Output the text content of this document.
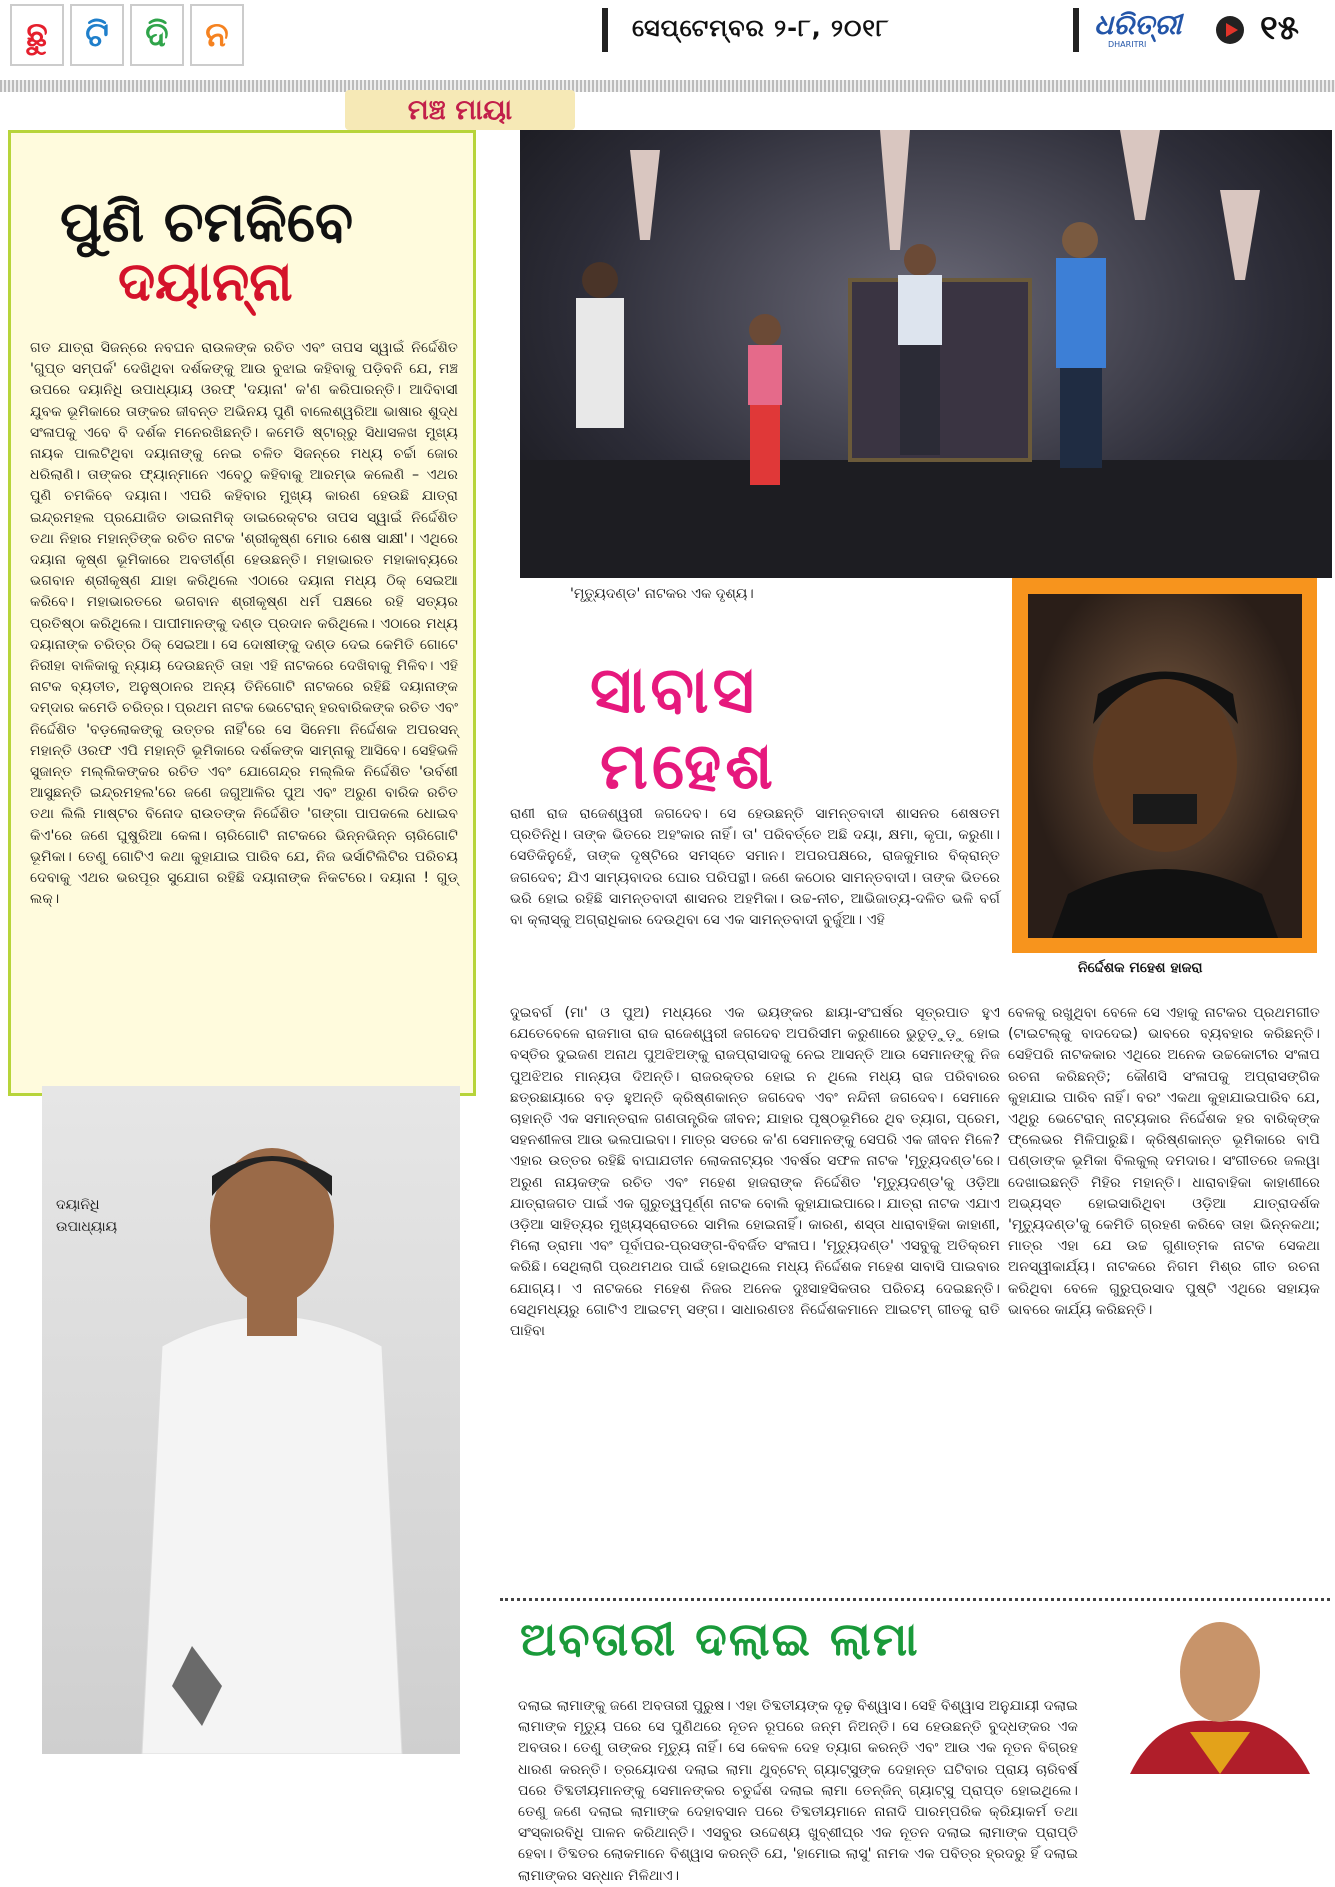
ଛୁ	ଟି	ଦି	ନ	ସେପ୍ଟେମ୍ବର ୨-୮, ୨୦୧୮	ଧରିତ୍ରୀ
DHARITRI	୧୫
ମଞ୍ଚ ମାୟା
ପୁଣି ଚମକିବେ
ଦୟାନ୍ନା

ଗତ ଯାତ୍ରା ସିଜନ୍‌ରେ ନବଘନ ରାଉଳଙ୍କ ରଚିତ ଏବଂ ତାପସ ସ୍ୱାଇଁ ନିର୍ଦ୍ଦେଶିତ 'ଗୁପ୍ତ ସମ୍ପର୍କ' ଦେଖିଥିବା ଦର୍ଶକଙ୍କୁ ଆଉ ବୁଝାଇ କହିବାକୁ ପଡ଼ିବନି ଯେ, ମଞ୍ଚ ଉପରେ ଦୟାନିଧି ଉପାଧ୍ୟାୟ ଓରଫ୍ 'ଦୟାନା' କ'ଣ କରିପାରନ୍ତି। ଆଦିବାସୀ ଯୁବକ ଭୂମିକାରେ ତାଙ୍କର ଜୀବନ୍ତ ଅଭିନୟ ପୁଣି ବାଲେଶ୍ୱରିଆ ଭାଷାର ଶୁଦ୍ଧ ସଂଳାପକୁ ଏବେ ବି ଦର୍ଶକ ମନେରଖିଛନ୍ତି। କମେଡି ଷ୍ଟାର୍‌ରୁ ସିଧାସଳଖ ମୁଖ୍ୟ ନାୟକ ପାଲଟିଥିବା ଦୟାନାଙ୍କୁ ନେଇ ଚଳିତ ସିଜନ୍‌ରେ ମଧ୍ୟ ଚର୍ଚ୍ଚା ଜୋର ଧରିଲାଣି। ତାଙ୍କର ଫ୍ୟାନ୍‌ମାନେ ଏବେଠୁ କହିବାକୁ ଆରମ୍ଭ କଲେଣି – ଏଥର ପୁଣି ଚମକିବେ ଦୟାନା। ଏପରି କହିବାର ମୁଖ୍ୟ କାରଣ ହେଉଛି ଯାତ୍ରା ଇନ୍ଦ୍ରମହଲ ପ୍ରଯୋଜିତ ଡାଇନାମିକ୍ ଡାଇରେକ୍ଟର ତାପସ ସ୍ୱାଇଁ ନିର୍ଦ୍ଦେଶିତ ତଥା ନିହାର ମହାନ୍ତିଙ୍କ ରଚିତ ନାଟକ 'ଶ୍ରୀକୃଷ୍ଣ ମୋର ଶେଷ ସାକ୍ଷୀ'। ଏଥିରେ ଦୟାନା କୃଷ୍ଣ ଭୂମିକାରେ ଅବତୀର୍ଣ୍ଣ ହେଉଛନ୍ତି। ମହାଭାରତ ମହାକାବ୍ୟରେ ଭଗବାନ ଶ୍ରୀକୃଷ୍ଣ ଯାହା କରିଥିଲେ ଏଠାରେ ଦୟାନା ମଧ୍ୟ ଠିକ୍ ସେଇଆ କରିବେ। ମହାଭାରତରେ ଭଗବାନ ଶ୍ରୀକୃଷ୍ଣ ଧର୍ମ ପକ୍ଷରେ ରହି ସତ୍ୟର ପ୍ରତିଷ୍ଠା କରିଥିଲେ। ପାପୀମାନଙ୍କୁ ଦଣ୍ଡ ପ୍ରଦାନ କରିଥିଲେ। ଏଠାରେ ମଧ୍ୟ ଦୟାନାଙ୍କ ଚରିତ୍ର ଠିକ୍ ସେଇଆ। ସେ ଦୋଷୀଙ୍କୁ ଦଣ୍ଡ ଦେଇ କେମିତି ଗୋଟେ ନିରୀହା ବାଳିକାକୁ ନ୍ୟାୟ ଦେଉଛନ୍ତି ତାହା ଏହି ନାଟକରେ ଦେଖିବାକୁ ମିଳିବ। ଏହି ନାଟକ ବ୍ୟତୀତ, ଅନୁଷ୍ଠାନର ଅନ୍ୟ ତିନିଗୋଟି ନାଟକରେ ରହିଛି ଦୟାନାଙ୍କ ଦମ୍‌ଦାର କମେଡି ଚରିତ୍ର। ପ୍ରଥମ ନାଟକ ଭେଟେରାନ୍ ହରବାରିକଙ୍କ ରଚିତ ଏବଂ ନିର୍ଦ୍ଦେଶିତ 'ବଡ଼ଲୋକଙ୍କୁ ଉତ୍ତର ନାହିଁ'ରେ ସେ ସିନେମା ନିର୍ଦ୍ଦେଶକ ଅପରସନ୍ ମହାନ୍ତି ଓରଫ ଏପି ମହାନ୍ତି ଭୂମିକାରେ ଦର୍ଶକଙ୍କ ସାମ୍ନାକୁ ଆସିବେ। ସେହିଭଳି ସୁଜାନ୍ତ ମଲ୍ଲିକଙ୍କର ରଚିତ ଏବଂ ଯୋଗେନ୍ଦ୍ର ମଲ୍ଲିକ ନିର୍ଦ୍ଦେଶିତ 'ଉର୍ବଶୀ ଆସୁଛନ୍ତି ଇନ୍ଦ୍ରମହଲ'ରେ ଜଣେ ଜଗୁଆଳିର ପୁଅ ଏବଂ ଅରୁଣ ବାରିକ ରଚିତ ତଥା ଲିଲି ମାଷ୍ଟର ବିନୋଦ ରାଉତଙ୍କ ନିର୍ଦ୍ଦେଶିତ 'ଗଙ୍ଗା ପାପକଲେ ଧୋଇବ କିଏ'ରେ ଜଣେ ଘୁଷୁରିଆ କେଳା। ଚାରିଗୋଟି ନାଟକରେ ଭିନ୍ନଭିନ୍ନ ଚାରିଗୋଟି ଭୂମିକା। ତେଣୁ ଗୋଟିଏ କଥା କୁହାଯାଇ ପାରିବ ଯେ, ନିଜ ଭର୍ସାଟିଲିଟିର ପରିଚୟ ଦେବାକୁ ଏଥର ଭରପୂର ସୁଯୋଗ ରହିଛି ଦୟାନାଙ୍କ ନିକଟରେ। ଦୟାନା ! ଗୁଡ୍ ଲକ୍।

ଦୟାନିଧି
ଉପାଧ୍ୟାୟ
'ମୃତ୍ୟୁଦଣ୍ଡ' ନାଟକର ଏକ ଦୃଶ୍ୟ।
ନିର୍ଦ୍ଦେଶକ ମହେଶ ହାଜରା
ସାବାସ
ମହେଶ

ରାଣୀ ରାଜ ରାଜେଶ୍ୱରୀ ଜଗଦେବ। ସେ ହେଉଛନ୍ତି ସାମନ୍ତବାଦୀ ଶାସନର ଶେଷତମ ପ୍ରତିନିଧି। ତାଙ୍କ ଭିତରେ ଅହଂକାର ନାହିଁ। ତା' ପରିବର୍ତ୍ତେ ଅଛି ଦୟା, କ୍ଷମା, କୃପା, କରୁଣା। ସେତିକିନୁହେଁ, ତାଙ୍କ ଦୃଷ୍ଟିରେ ସମସ୍ତେ ସମାନ। ଅପରପକ୍ଷରେ, ରାଜକୁମାର ବିକ୍ରାନ୍ତ ଜଗଦେବ; ଯିଏ ସାମ୍ୟବାଦର ଘୋର ପରିପନ୍ଥୀ। ଜଣେ କଠୋର ସାମନ୍ତବାଦୀ। ତାଙ୍କ ଭିତରେ ଭରି ହୋଇ ରହିଛି ସାମନ୍ତବାଦୀ ଶାସନର ଅହମିକା। ଉଚ୍ଚ-ନୀଚ, ଆଭିଜାତ୍ୟ-ଦଳିତ ଭଳି ବର୍ଗ ବା କ୍ଲାସ୍‌କୁ ଅଗ୍ରାଧିକାର ଦେଉଥିବା ସେ ଏକ ସାମନ୍ତବାଦୀ ବୁର୍ଜୁଆ। ଏହି

ଦୁଇବର୍ଗ (ମା' ଓ ପୁଅ) ମଧ୍ୟରେ ଏକ ଭୟଙ୍କର ଛାୟା-ସଂଘର୍ଷର ସୂତ୍ରପାତ ହୁଏ ଯେତେବେଳେ ରାଜମାତା ରାଜ ରାଜେଶ୍ୱରୀ ଜଗଦେବ ଅପରିସୀମ କରୁଣାରେ ଭୁତୁଡ଼ୁଡ଼ୁ ହୋଇ ବସ୍ତିର ଦୁଇଜଣ ଅନାଥ ପୁଅଝିଅଙ୍କୁ ରାଜପ୍ରାସାଦକୁ ନେଇ ଆସନ୍ତି ଆଉ ସେମାନଙ୍କୁ ନିଜ ପୁଅଝିଅର ମାନ୍ୟତା ଦିଅନ୍ତି। ରାଜରକ୍ତର ହୋଇ ନ ଥିଲେ ମଧ୍ୟ ରାଜ ପରିବାରର ଛତ୍ରଛାୟାରେ ବଡ଼ ହୁଅନ୍ତି କ୍ରିଷ୍ଣକାନ୍ତ ଜଗଦେବ ଏବଂ ନନ୍ଦିନୀ ଜଗଦେବ। ସେମାନେ ଚାହାନ୍ତି ଏକ ସମାନ୍ତରାଳ ଗଣତାନ୍ତ୍ରିକ ଜୀବନ; ଯାହାର ପୃଷ୍ଠଭୂମିରେ ଥିବ ତ୍ୟାଗ, ପ୍ରେମ, ସହନଶୀଳତା ଆଉ ଭଲପାଇବା। ମାତ୍ର ସତରେ କ'ଣ ସେମାନଙ୍କୁ ସେପରି ଏକ ଜୀବନ ମିଳେ? ଏହାର ଉତ୍ତର ରହିଛି ବାଘାଯତୀନ ଲୋକନାଟ୍ୟର ଏବର୍ଷର ସଫଳ ନାଟକ 'ମୃତ୍ୟୁଦଣ୍ଡ'ରେ। ଅରୁଣ ନାୟକଙ୍କ ରଚିତ ଏବଂ ମହେଶ ହାଜରାଙ୍କ ନିର୍ଦ୍ଦେଶିତ 'ମୃତ୍ୟୁଦଣ୍ଡ'କୁ ଓଡ଼ିଆ ଯାତ୍ରାଜଗତ ପାଇଁ ଏକ ଗୁରୁତ୍ୱପୂର୍ଣ୍ଣ ନାଟକ ବୋଲି କୁହାଯାଇପାରେ। ଯାତ୍ରା ନାଟକ ଏଯାଏ ଓଡ଼ିଆ ସାହିତ୍ୟର ମୁଖ୍ୟସ୍ରୋତରେ ସାମିଲ ହୋଇନାହିଁ। କାରଣ, ଶସ୍ତା ଧାରାବାହିକା କାହାଣୀ, ମିଲୋ ଡ୍ରାମା ଏବଂ ପୂର୍ବାପର-ପ୍ରସଙ୍ଗ-ବିବର୍ଜିତ ସଂଳାପ। 'ମୃତ୍ୟୁଦଣ୍ଡ' ଏସବୁକୁ ଅତିକ୍ରମ କରିଛି। ସେଥିଲାଗି ପ୍ରଥମଥର ପାଇଁ ହୋଇଥିଲେ ମଧ୍ୟ ନିର୍ଦ୍ଦେଶକ ମହେଶ ସାବାସି ପାଇବାର ଯୋଗ୍ୟ। ଏ ନାଟକରେ ମହେଶ ନିଜର ଅନେକ ଦୁଃସାହସିକତାର ପରିଚୟ ଦେଇଛନ୍ତି। ସେଥିମଧ୍ୟରୁ ଗୋଟିଏ ଆଇଟମ୍ ସଙ୍ଗ। ସାଧାରଣତଃ ନିର୍ଦ୍ଦେଶକମାନେ ଆଇଟମ୍ ଗୀତକୁ ରାତି ପାହିବା

ବେଳକୁ ରଖୁଥିବା ବେଳେ ସେ ଏହାକୁ ନାଟକର ପ୍ରଥମଗୀତ (ଟାଇଟଲ୍‌କୁ ବାଦଦେଇ) ଭାବରେ ବ୍ୟବହାର କରିଛନ୍ତି। ସେହିପରି ନାଟକକାର ଏଥିରେ ଅନେକ ଉଚ୍ଚକୋଟୀର ସଂଳାପ ରଚନା କରିଛନ୍ତି; କୌଣସି ସଂଳାପକୁ ଅପ୍ରାସଙ୍ଗିକ କୁହାଯାଇ ପାରିବ ନାହିଁ। ବରଂ ଏକଥା କୁହାଯାଇପାରିବ ଯେ, ଏଥିରୁ ଭେଟେରାନ୍ ନାଟ୍ୟକାର ନିର୍ଦ୍ଦେଶକ ହର ବାରିକ୍‌ଙ୍କ ଫ୍ଲେଭର ମିଳିପାରୁଛି। କ୍ରିଷ୍ଣକାନ୍ତ ଭୂମିକାରେ ବାପି ପଣ୍ଡାଙ୍କ ଭୂମିକା ବିଲକୁଲ୍ ଦମଦାର। ସଂଗୀତରେ ଜଲୱା ଦେଖାଇଛନ୍ତି ମିହିର ମହାନ୍ତି। ଧାରାବାହିକା କାହାଣୀରେ ଅଭ୍ୟସ୍ତ ହୋଇସାରିଥିବା ଓଡ଼ିଆ ଯାତ୍ରାଦର୍ଶକ 'ମୃତ୍ୟୁଦଣ୍ଡ'କୁ କେମିତି ଗ୍ରହଣ କରିବେ ତାହା ଭିନ୍ନକଥା; ମାତ୍ର ଏହା ଯେ ଉଚ୍ଚ ଗୁଣାତ୍ମକ ନାଟକ ସେକଥା ଅନସ୍ୱୀକାର୍ଯ୍ୟ। ନାଟକରେ ନିଗମ ମିଶ୍ର ଗୀତ ରଚନା କରିଥିବା ବେଳେ ଗୁରୁପ୍ରସାଦ ପୁଷ୍ଟି ଏଥିରେ ସହାୟକ ଭାବରେ କାର୍ଯ୍ୟ କରିଛନ୍ତି।

ଅବତାରୀ ଦଲାଇ ଲାମା

ଦଲାଇ ଲାମାଙ୍କୁ ଜଣେ ଅବତାରୀ ପୁରୁଷ। ଏହା ତିବ୍ଦତୀୟଙ୍କ ଦୃଢ଼ ବିଶ୍ୱାସ। ସେହି ବିଶ୍ୱାସ ଅନୁଯାୟୀ ଦଲାଇ ଲାମାଙ୍କ ମୃତ୍ୟୁ ପରେ ସେ ପୁଣିଥରେ ନୂତନ ରୂପରେ ଜନ୍ମ ନିଅନ୍ତି। ସେ ହେଉଛନ୍ତି ବୁଦ୍ଧଙ୍କର ଏକ ଅବତାର। ତେଣୁ ତାଙ୍କର ମୃତ୍ୟୁ ନାହିଁ। ସେ କେବଳ ଦେହ ତ୍ୟାଗ କରନ୍ତି ଏବଂ ଆଉ ଏକ ନୂତନ ବିଗ୍ରହ ଧାରଣ କରନ୍ତି। ତ୍ରୟୋଦଶ ଦଲାଇ ଲାମା ଥୁବ୍‌ଟେନ୍ ଗ୍ୟାଟ୍ସୁଙ୍କ ଦେହାନ୍ତ ଘଟିବାର ପ୍ରାୟ ଚାରିବର୍ଷ ପରେ ତିବ୍ଦତୀୟମାନଙ୍କୁ ସେମାନଙ୍କର ଚତୁର୍ଦ୍ଦଶ ଦଲାଇ ଲାମା ତେନ୍‌ଜିନ୍ ଗ୍ୟାଟ୍ସୁ ପ୍ରାପ୍ତ ହୋଇଥିଲେ। ତେଣୁ ଜଣେ ଦଲାଇ ଲାମାଙ୍କ ଦେହାବସାନ ପରେ ତିବ୍ଦତୀୟମାନେ ନାନାଦି ପାରମ୍ପରିକ କ୍ରିୟାକର୍ମ ତଥା ସଂସ୍କାରବିଧି ପାଳନ କରିଥାନ୍ତି। ଏସବୁର ଉଦ୍ଦେଶ୍ୟ ଖୁବ୍‌ଶୀଘ୍ର ଏକ ନୂତନ ଦଲାଇ ଲାମାଙ୍କ ପ୍ରାପ୍ତି ହେବା। ତିବ୍ଦତର ଲୋକମାନେ ବିଶ୍ୱାସ କରନ୍ତି ଯେ, 'ହାମୋଇ ଲାସୁ' ନାମକ ଏକ ପବିତ୍ର ହ୍ରଦରୁ ହିଁ ଦଲାଇ ଲାମାଙ୍କର ସନ୍ଧାନ ମିଳିଥାଏ।
